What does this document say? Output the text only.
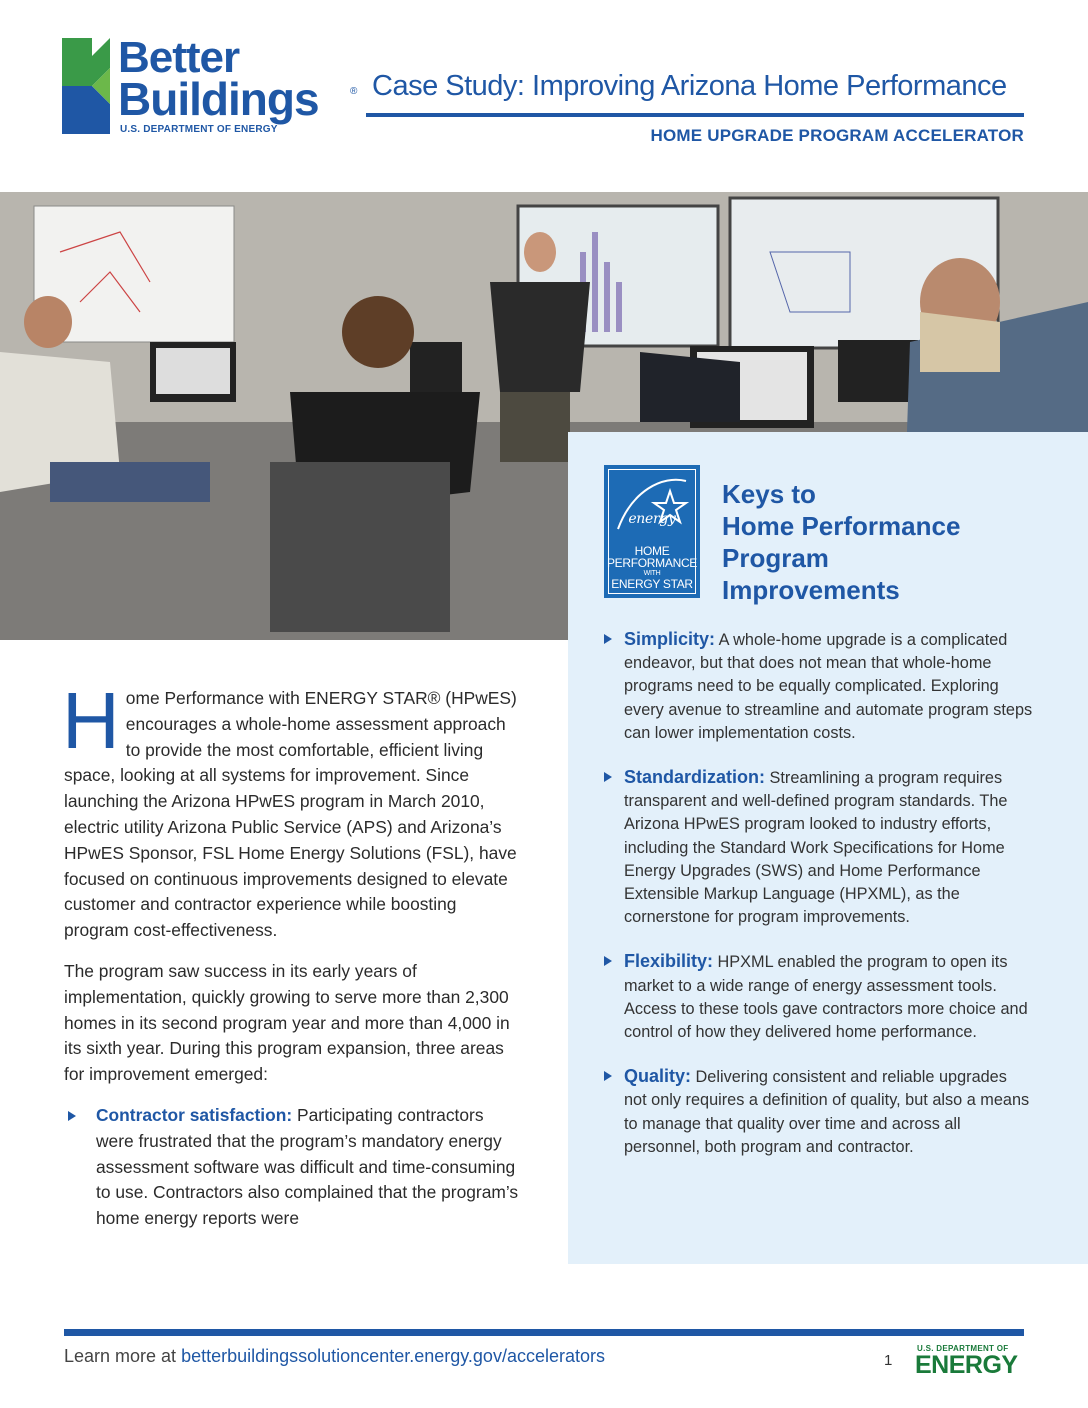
Better
Buildings	®
U.S. DEPARTMENT OF ENERGY
Case Study: Improving Arizona Home Performance
HOME UPGRADE PROGRAM ACCELERATOR
energy
HOME
PERFORMANCE
WITH
ENERGY STAR
Keys to
Home Performance
Program
Improvements
Simplicity: A whole-home upgrade is a complicated endeavor, but that does not mean that whole-home programs need to be equally complicated. Exploring every avenue to streamline and automate program steps can lower implementation costs.
Standardization: Streamlining a program requires transparent and well-defined program standards. The Arizona HPwES program looked to industry efforts, including the Standard Work Specifications for Home Energy Upgrades (SWS) and Home Performance Extensible Markup Language (HPXML), as the cornerstone for program improvements.
Flexibility: HPXML enabled the program to open its market to a wide range of energy assessment tools. Access to these tools gave contractors more choice and control of how they delivered home performance.
Quality: Delivering consistent and reliable upgrades not only requires a definition of quality, but also a means to manage that quality over time and across all personnel, both program and contractor.

Home Performance with ENERGY STAR® (HPwES) encourages a whole-home assessment approach to provide the most comfortable, efficient living space, looking at all systems for improvement. Since launching the Arizona HPwES program in March 2010, electric utility Arizona Public Service (APS) and Arizona’s HPwES Sponsor, FSL Home Energy Solutions (FSL), have focused on continuous improvements designed to elevate customer and contractor experience while boosting program cost-effectiveness.

The program saw success in its early years of implementation, quickly growing to serve more than 2,300 homes in its second program year and more than 4,000 in its sixth year. During this program expansion, three areas for improvement emerged:

Contractor satisfaction: Participating contractors were frustrated that the program’s mandatory energy assessment software was difficult and time-consuming to use. Contractors also complained that the program’s home energy reports were
Learn more at betterbuildingssolutioncenter.energy.gov/accelerators	1
U.S. DEPARTMENT OF
ENERGY
